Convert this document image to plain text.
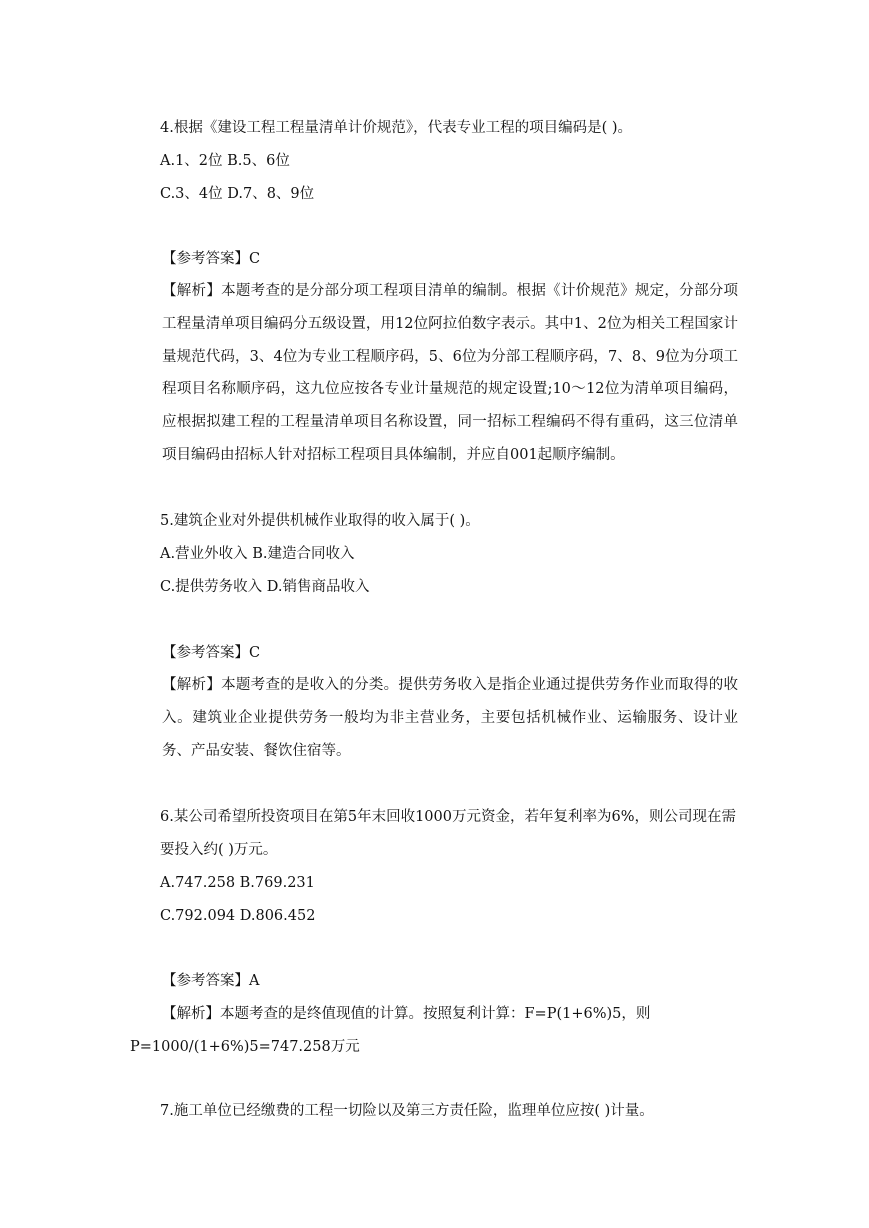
4.根据《建设工程工程量清单计价规范》，代表专业工程的项目编码是( )。
A.1、2位 B.5、6位
C.3、4位 D.7、8、9位
【参考答案】C
【解析】本题考查的是分部分项工程项目清单的编制。根据《计价规范》规定，分部分项工程量清单项目编码分五级设置，用12位阿拉伯数字表示。其中1、2位为相关工程国家计量规范代码，3、4位为专业工程顺序码，5、6位为分部工程顺序码，7、8、9位为分项工程项目名称顺序码，这九位应按各专业计量规范的规定设置;10～12位为清单项目编码，应根据拟建工程的工程量清单项目名称设置，同一招标工程编码不得有重码，这三位清单项目编码由招标人针对招标工程项目具体编制，并应自001起顺序编制。
5.建筑企业对外提供机械作业取得的收入属于( )。
A.营业外收入 B.建造合同收入
C.提供劳务收入 D.销售商品收入
【参考答案】C
【解析】本题考查的是收入的分类。提供劳务收入是指企业通过提供劳务作业而取得的收入。建筑业企业提供劳务一般均为非主营业务，主要包括机械作业、运输服务、设计业务、产品安装、餐饮住宿等。
6.某公司希望所投资项目在第5年末回收1000万元资金，若年复利率为6%，则公司现在需要投入约( )万元。
A.747.258 B.769.231
C.792.094 D.806.452
【参考答案】A
【解析】本题考查的是终值现值的计算。按照复利计算：F=P(1+6%)5，则
P=1000/(1+6%)5=747.258万元
7.施工单位已经缴费的工程一切险以及第三方责任险，监理单位应按( )计量。
